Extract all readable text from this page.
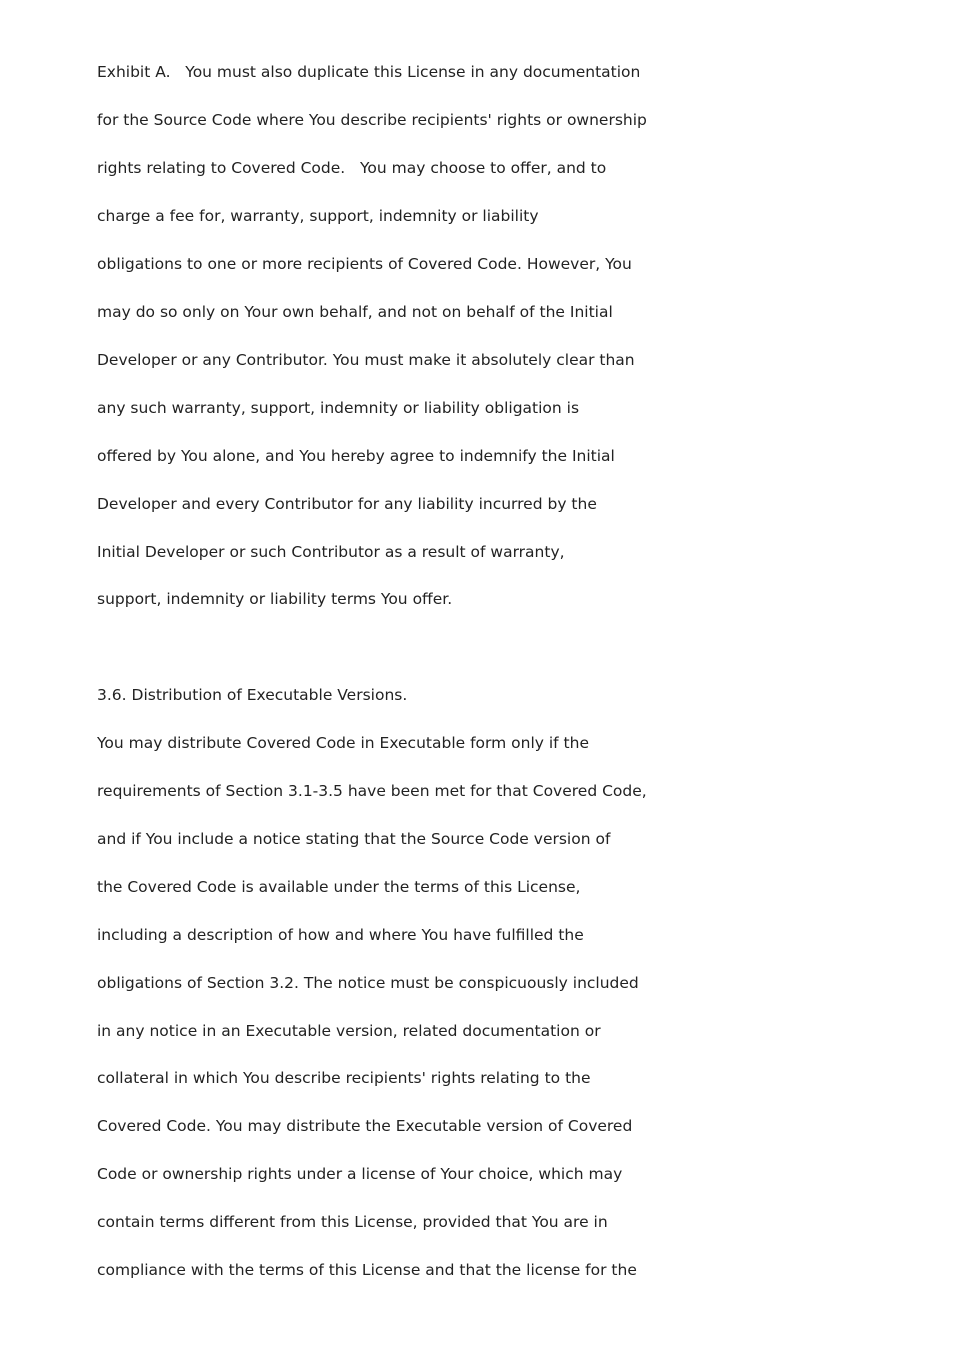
Exhibit A.   You must also duplicate this License in any documentation
for the Source Code where You describe recipients' rights or ownership
rights relating to Covered Code.   You may choose to offer, and to
charge a fee for, warranty, support, indemnity or liability
obligations to one or more recipients of Covered Code. However, You
may do so only on Your own behalf, and not on behalf of the Initial
Developer or any Contributor. You must make it absolutely clear than
any such warranty, support, indemnity or liability obligation is
offered by You alone, and You hereby agree to indemnify the Initial
Developer and every Contributor for any liability incurred by the
Initial Developer or such Contributor as a result of warranty,
support, indemnity or liability terms You offer.
3.6. Distribution of Executable Versions.
You may distribute Covered Code in Executable form only if the
requirements of Section 3.1-3.5 have been met for that Covered Code,
and if You include a notice stating that the Source Code version of
the Covered Code is available under the terms of this License,
including a description of how and where You have fulfilled the
obligations of Section 3.2. The notice must be conspicuously included
in any notice in an Executable version, related documentation or
collateral in which You describe recipients' rights relating to the
Covered Code. You may distribute the Executable version of Covered
Code or ownership rights under a license of Your choice, which may
contain terms different from this License, provided that You are in
compliance with the terms of this License and that the license for the
